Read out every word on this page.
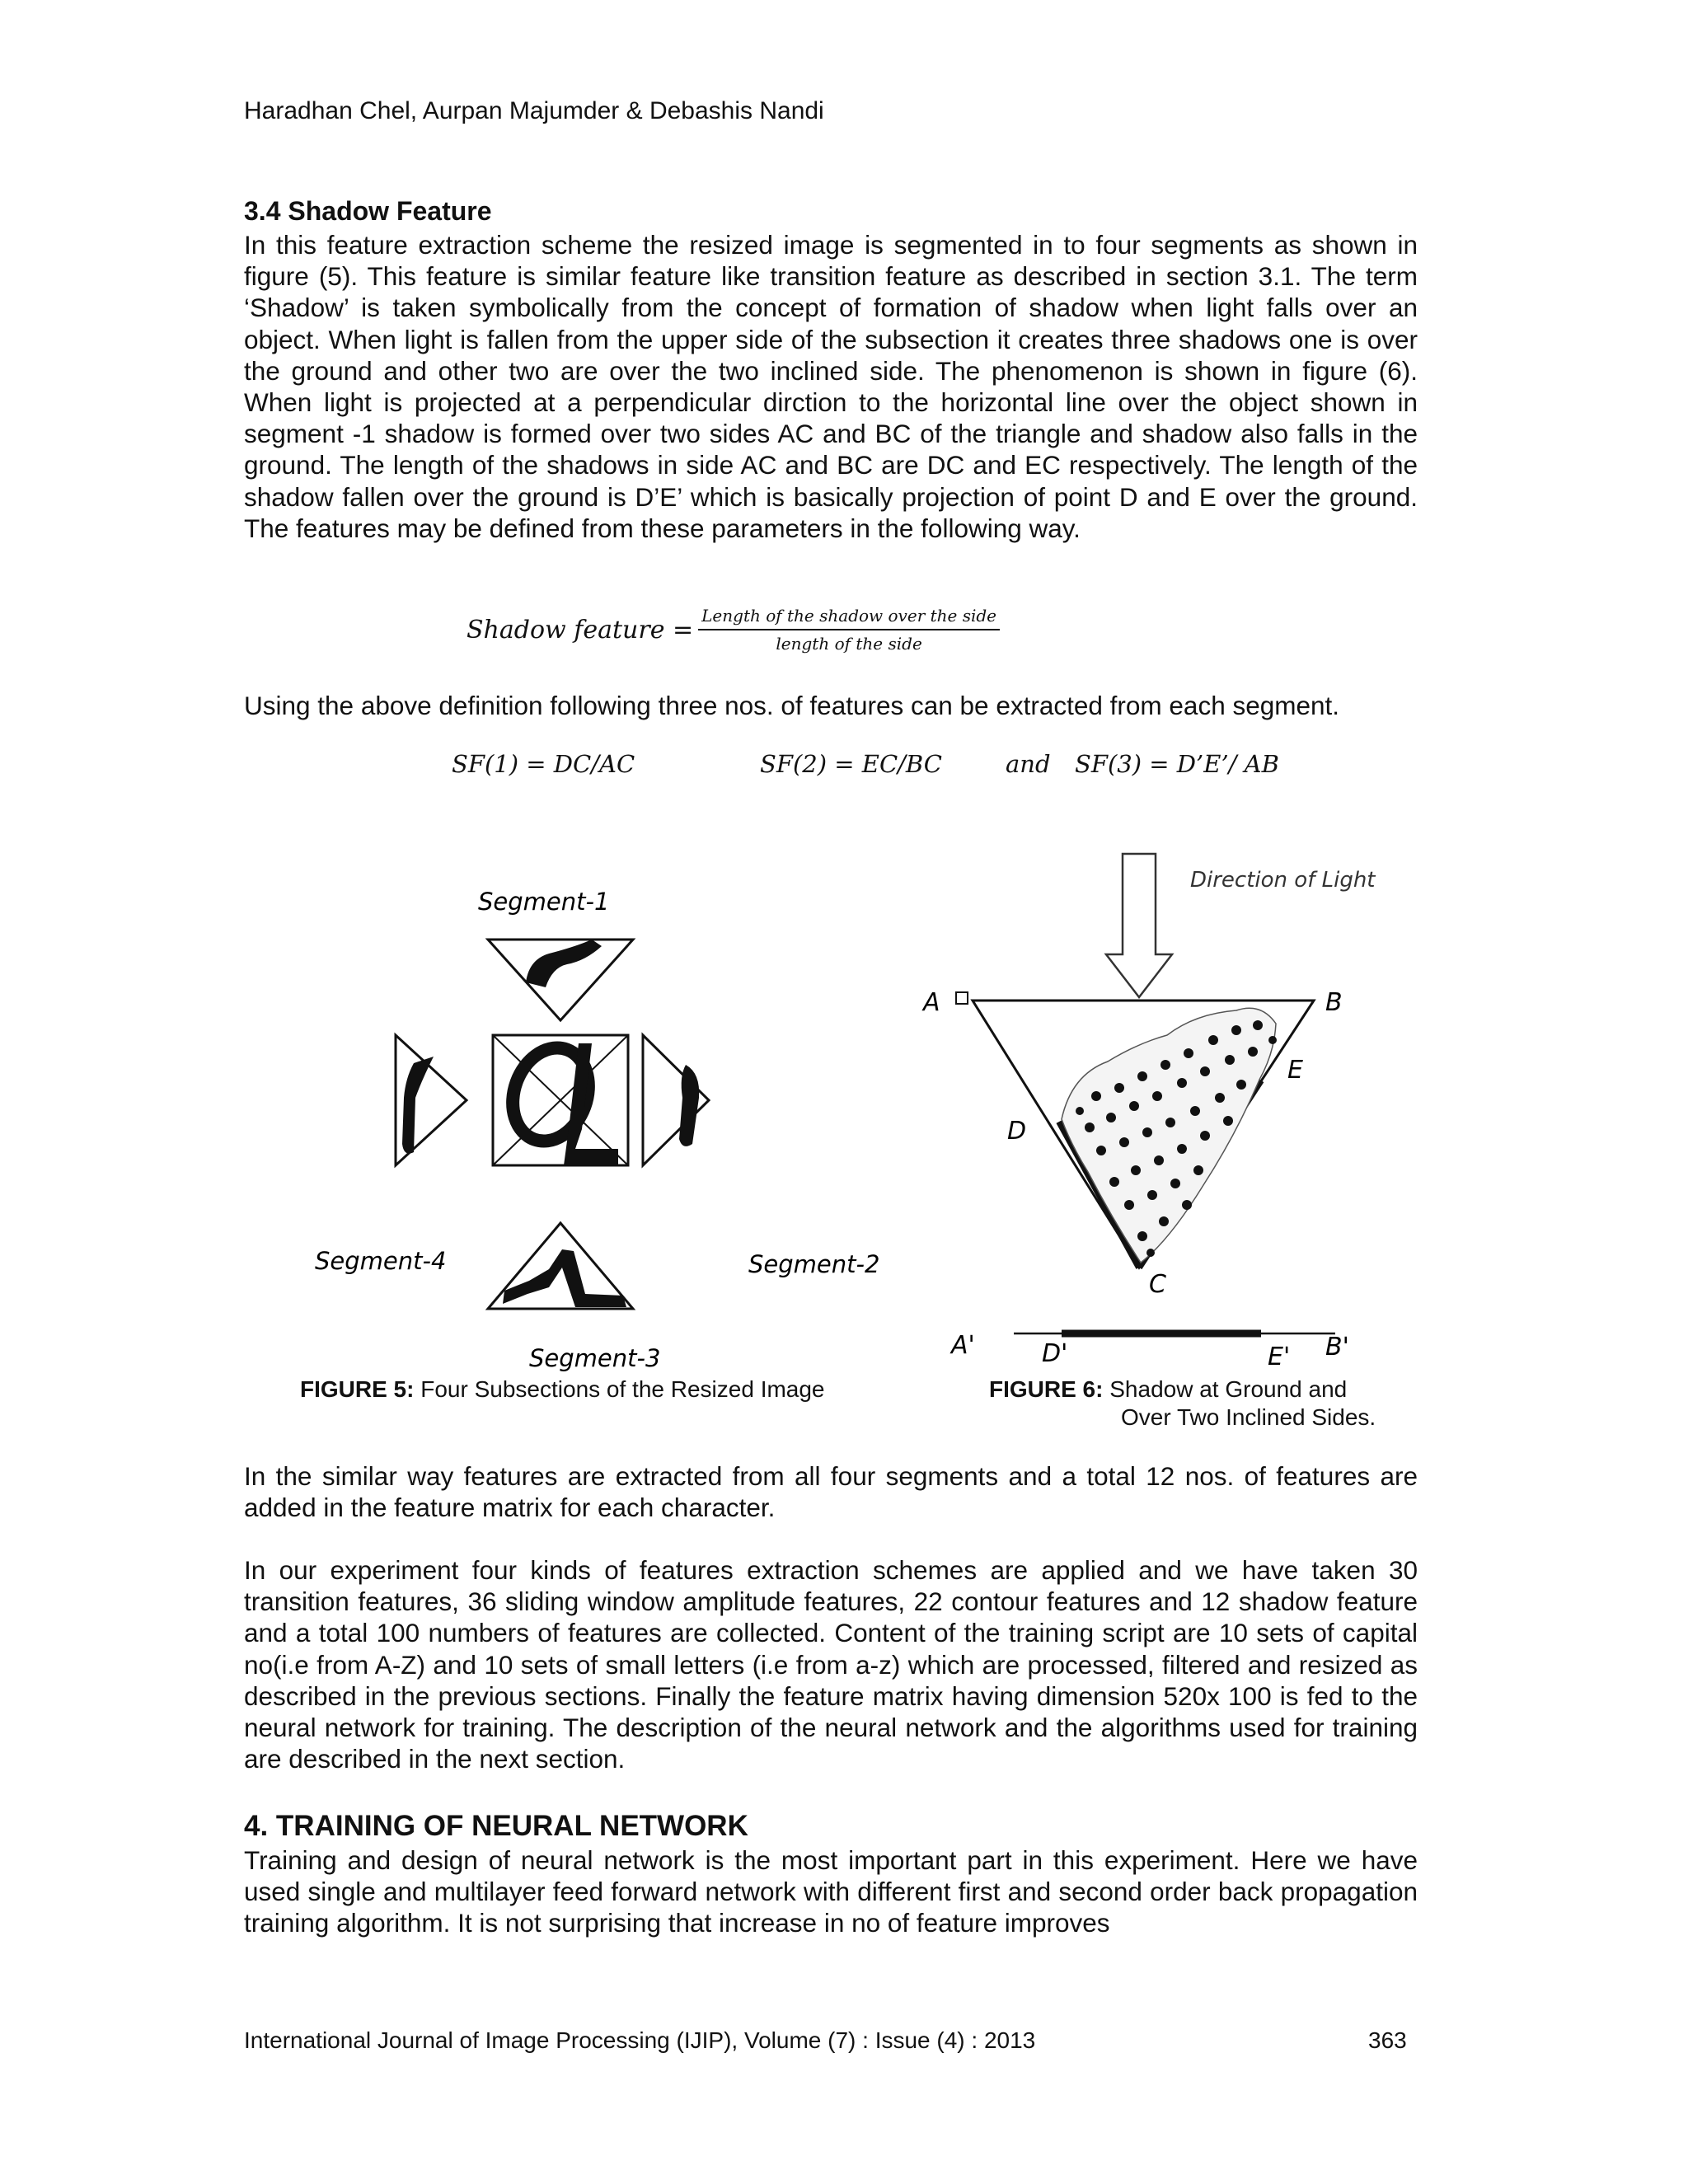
Haradhan Chel, Aurpan Majumder & Debashis Nandi
3.4 Shadow Feature
In this feature extraction scheme the resized image is segmented in to four segments as shown in figure (5). This feature is similar feature like transition feature as described in section 3.1. The term ‘Shadow’ is taken symbolically from the concept of formation of shadow when light falls over an object. When light is fallen from the upper side of the subsection it creates three shadows one is over the ground and other two are over the two inclined side. The phenomenon is shown in figure (6). When light is projected at a perpendicular dirction to the horizontal line over the object shown in segment -1 shadow is formed over two sides AC and BC of the triangle and shadow also falls in the ground. The length of the shadows in side AC and BC are DC and EC respectively. The length of the shadow fallen over the ground is D’E’ which is basically projection of point D and E over the ground. The features may be defined from these parameters in the following way.
Shadow feature = $\frac{\text{Length of the shadow over the side}}{\text{length of the side}}$
Using the above definition following three nos. of features can be extracted from each segment.
SF(1) = DC/AC	SF(2) = EC/BC	and SF(3) = D’E’/ AB
Segment-1
Segment-4	Segment-2
Segment-3
Direction of Light
A	B
E
D
C
A'	D'	E' B'
FIGURE 5: Four Subsections of the Resized Image	FIGURE 6: Shadow at Ground and
Over Two Inclined Sides.
In the similar way features are extracted from all four segments and a total 12 nos. of features are added in the feature matrix for each character.
In our experiment four kinds of features extraction schemes are applied and we have taken 30 transition features, 36 sliding window amplitude features, 22 contour features and 12 shadow feature and a total 100 numbers of features are collected. Content of the training script are 10 sets of capital no(i.e from A-Z) and 10 sets of small letters (i.e from a-z) which are processed, filtered and resized as described in the previous sections. Finally the feature matrix having dimension 520x 100 is fed to the neural network for training. The description of the neural network and the algorithms used for training are described in the next section.
4. TRAINING OF NEURAL NETWORK
Training and design of neural network is the most important part in this experiment. Here we have used single and multilayer feed forward network with different first and second order back propagation training algorithm. It is not surprising that increase in no of feature improves
International Journal of Image Processing (IJIP), Volume (7) : Issue (4) : 2013	363
